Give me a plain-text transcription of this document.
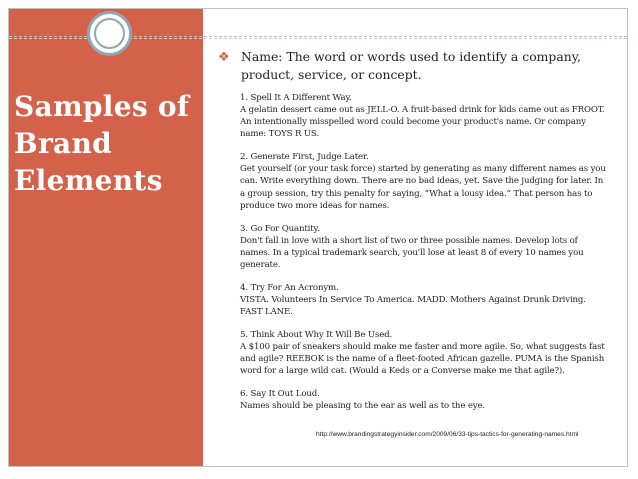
Samples of
Brand
Elements
❖ Name: The word or words used to identify a company, product, service, or concept.
1. Spell It A Different Way.
A gelatin dessert came out as JELL-O. A fruit-based drink for kids came out as FROOT. An intentionally misspelled word could become your product's name. Or company name: TOYS R US.
2. Generate First, Judge Later.
Get yourself (or your task force) started by generating as many different names as you can. Write everything down. There are no bad ideas, yet. Save the judging for later. In a group session, try this penalty for saying, “What a lousy idea.” That person has to produce two more ideas for names.
3. Go For Quantity.
Don't fall in love with a short list of two or three possible names. Develop lots of names. In a typical trademark search, you'll lose at least 8 of every 10 names you generate.
4. Try For An Acronym.
VISTA. Volunteers In Service To America. MADD. Mothers Against Drunk Driving. FAST LANE.
5. Think About Why It Will Be Used.
A $100 pair of sneakers should make me faster and more agile. So, what suggests fast and agile? REEBOK is the name of a fleet-footed African gazelle. PUMA is the Spanish word for a large wild cat. (Would a Keds or a Converse make me that agile?).
6. Say It Out Loud.
Names should be pleasing to the ear as well as to the eye.
http://www.brandingstrategyinsider.com/2009/06/33-tips-tactics-for-generating-names.html
